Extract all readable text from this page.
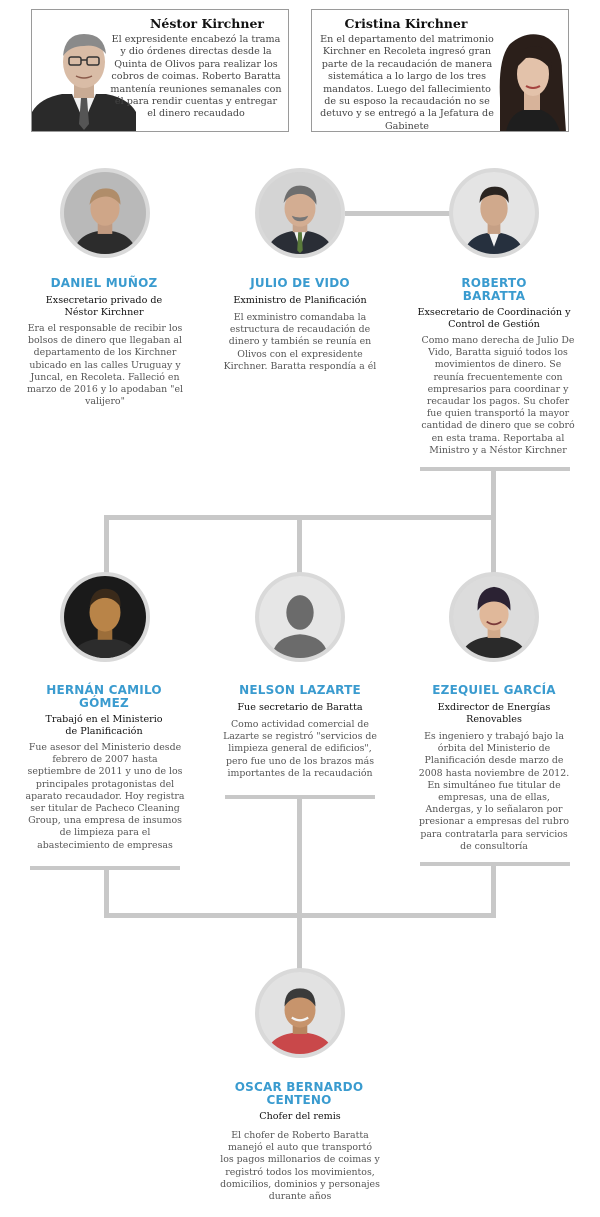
Néstor Kirchner
El expresidente encabezó la trama y dio órdenes directas desde la Quinta de Olivos para realizar los cobros de coimas. Roberto Baratta mantenía reuniones semanales con él para rendir cuentas y entregar el dinero recaudado
Cristina Kirchner
En el departamento del matrimonio Kirchner en Recoleta ingresó gran parte de la recaudación de manera sistemática a lo largo de los tres mandatos. Luego del fallecimiento de su esposo la recaudación no se detuvo y se entregó a la Jefatura de Gabinete
DANIEL MUÑOZ
Exsecretario privado de Néstor Kirchner
Era el responsable de recibir los bolsos de dinero que llegaban al departamento de los Kirchner ubicado en las calles Uruguay y Juncal, en Recoleta. Falleció en marzo de 2016 y lo apodaban "el valijero"
JULIO DE VIDO
Exministro de Planificación
El exministro comandaba la estructura de recaudación de dinero y también se reunía en Olivos con el expresidente Kirchner. Baratta respondía a él
ROBERTO BARATTA
Exsecretario de Coordinación y Control de Gestión
Como mano derecha de Julio De Vido, Baratta siguió todos los movimientos de dinero. Se reunía frecuentemente con empresarios para coordinar y recaudar los pagos. Su chofer fue quien transportó la mayor cantidad de dinero que se cobró en esta trama. Reportaba al Ministro y a Néstor Kirchner
HERNÁN CAMILO GÓMEZ
Trabajó en el Ministerio de Planificación
Fue asesor del Ministerio desde febrero de 2007 hasta septiembre de 2011 y uno de los principales protagonistas del aparato recaudador. Hoy registra ser titular de Pacheco Cleaning Group, una empresa de insumos de limpieza para el abastecimiento de empresas
NELSON LAZARTE
Fue secretario de Baratta
Como actividad comercial de Lazarte se registró "servicios de limpieza general de edificios", pero fue uno de los brazos más importantes de la recaudación
EZEQUIEL GARCÍA
Exdirector de Energías Renovables
Es ingeniero y trabajó bajo la órbita del Ministerio de Planificación desde marzo de 2008 hasta noviembre de 2012. En simultáneo fue titular de empresas, una de ellas, Andergas, y lo señalaron por presionar a empresas del rubro para contratarla para servicios de consultoría
OSCAR BERNARDO CENTENO
Chofer del remis
El chofer de Roberto Baratta manejó el auto que transportó los pagos millonarios de coimas y registró todos los movimientos, domicilios, dominios y personajes durante años
